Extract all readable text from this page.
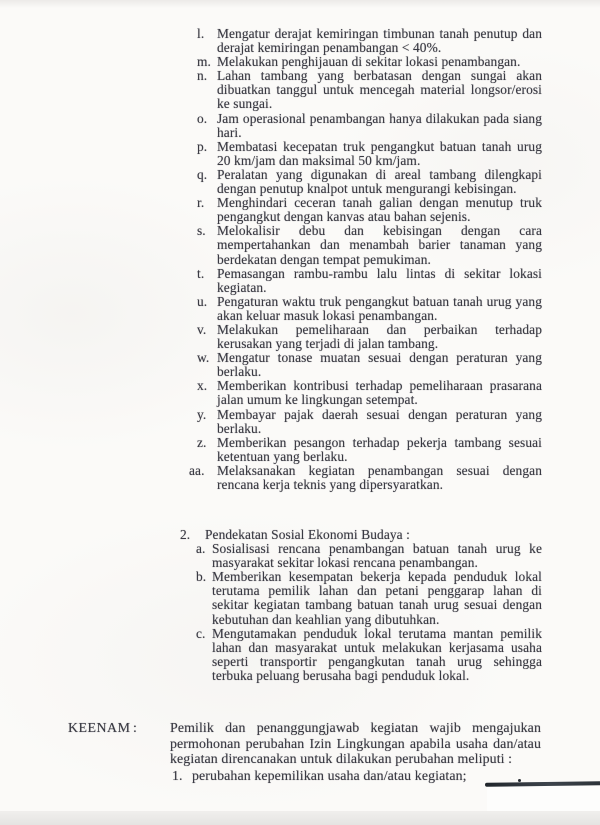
l. Mengatur derajat kemiringan timbunan tanah penutup dan derajat kemiringan penambangan < 40%.
m. Melakukan penghijauan di sekitar lokasi penambangan.
n. Lahan tambang yang berbatasan dengan sungai akan dibuatkan tanggul untuk mencegah material longsor/erosi ke sungai.
o. Jam operasional penambangan hanya dilakukan pada siang hari.
p. Membatasi kecepatan truk pengangkut batuan tanah urug 20 km/jam dan maksimal 50 km/jam.
q. Peralatan yang digunakan di areal tambang dilengkapi dengan penutup knalpot untuk mengurangi kebisingan.
r. Menghindari ceceran tanah galian dengan menutup truk pengangkut dengan kanvas atau bahan sejenis.
s. Melokalisir debu dan kebisingan dengan cara mempertahankan dan menambah barier tanaman yang berdekatan dengan tempat pemukiman.
t. Pemasangan rambu-rambu lalu lintas di sekitar lokasi kegiatan.
u. Pengaturan waktu truk pengangkut batuan tanah urug yang akan keluar masuk lokasi penambangan.
v. Melakukan pemeliharaan dan perbaikan terhadap kerusakan yang terjadi di jalan tambang.
w. Mengatur tonase muatan sesuai dengan peraturan yang berlaku.
x. Memberikan kontribusi terhadap pemeliharaan prasarana jalan umum ke lingkungan setempat.
y. Membayar pajak daerah sesuai dengan peraturan yang berlaku.
z. Memberikan pesangon terhadap pekerja tambang sesuai ketentuan yang berlaku.
aa. Melaksanakan kegiatan penambangan sesuai dengan rencana kerja teknis yang dipersyaratkan.
2.	Pendekatan Sosial Ekonomi Budaya :
a. Sosialisasi rencana penambangan batuan tanah urug ke masyarakat sekitar lokasi rencana penambangan.
b. Memberikan kesempatan bekerja kepada penduduk lokal terutama pemilik lahan dan petani penggarap lahan di sekitar kegiatan tambang batuan tanah urug sesuai dengan kebutuhan dan keahlian yang dibutuhkan.
c. Mengutamakan penduduk lokal terutama mantan pemilik lahan dan masyarakat untuk melakukan kerjasama usaha seperti transportir pengangkutan tanah urug sehingga terbuka peluang berusaha bagi penduduk lokal.
KEENAM :	Pemilik dan penanggungjawab kegiatan wajib mengajukan permohonan perubahan Izin Lingkungan apabila usaha dan/atau kegiatan direncanakan untuk dilakukan perubahan meliputi :

1. perubahan kepemilikan usaha dan/atau kegiatan;
